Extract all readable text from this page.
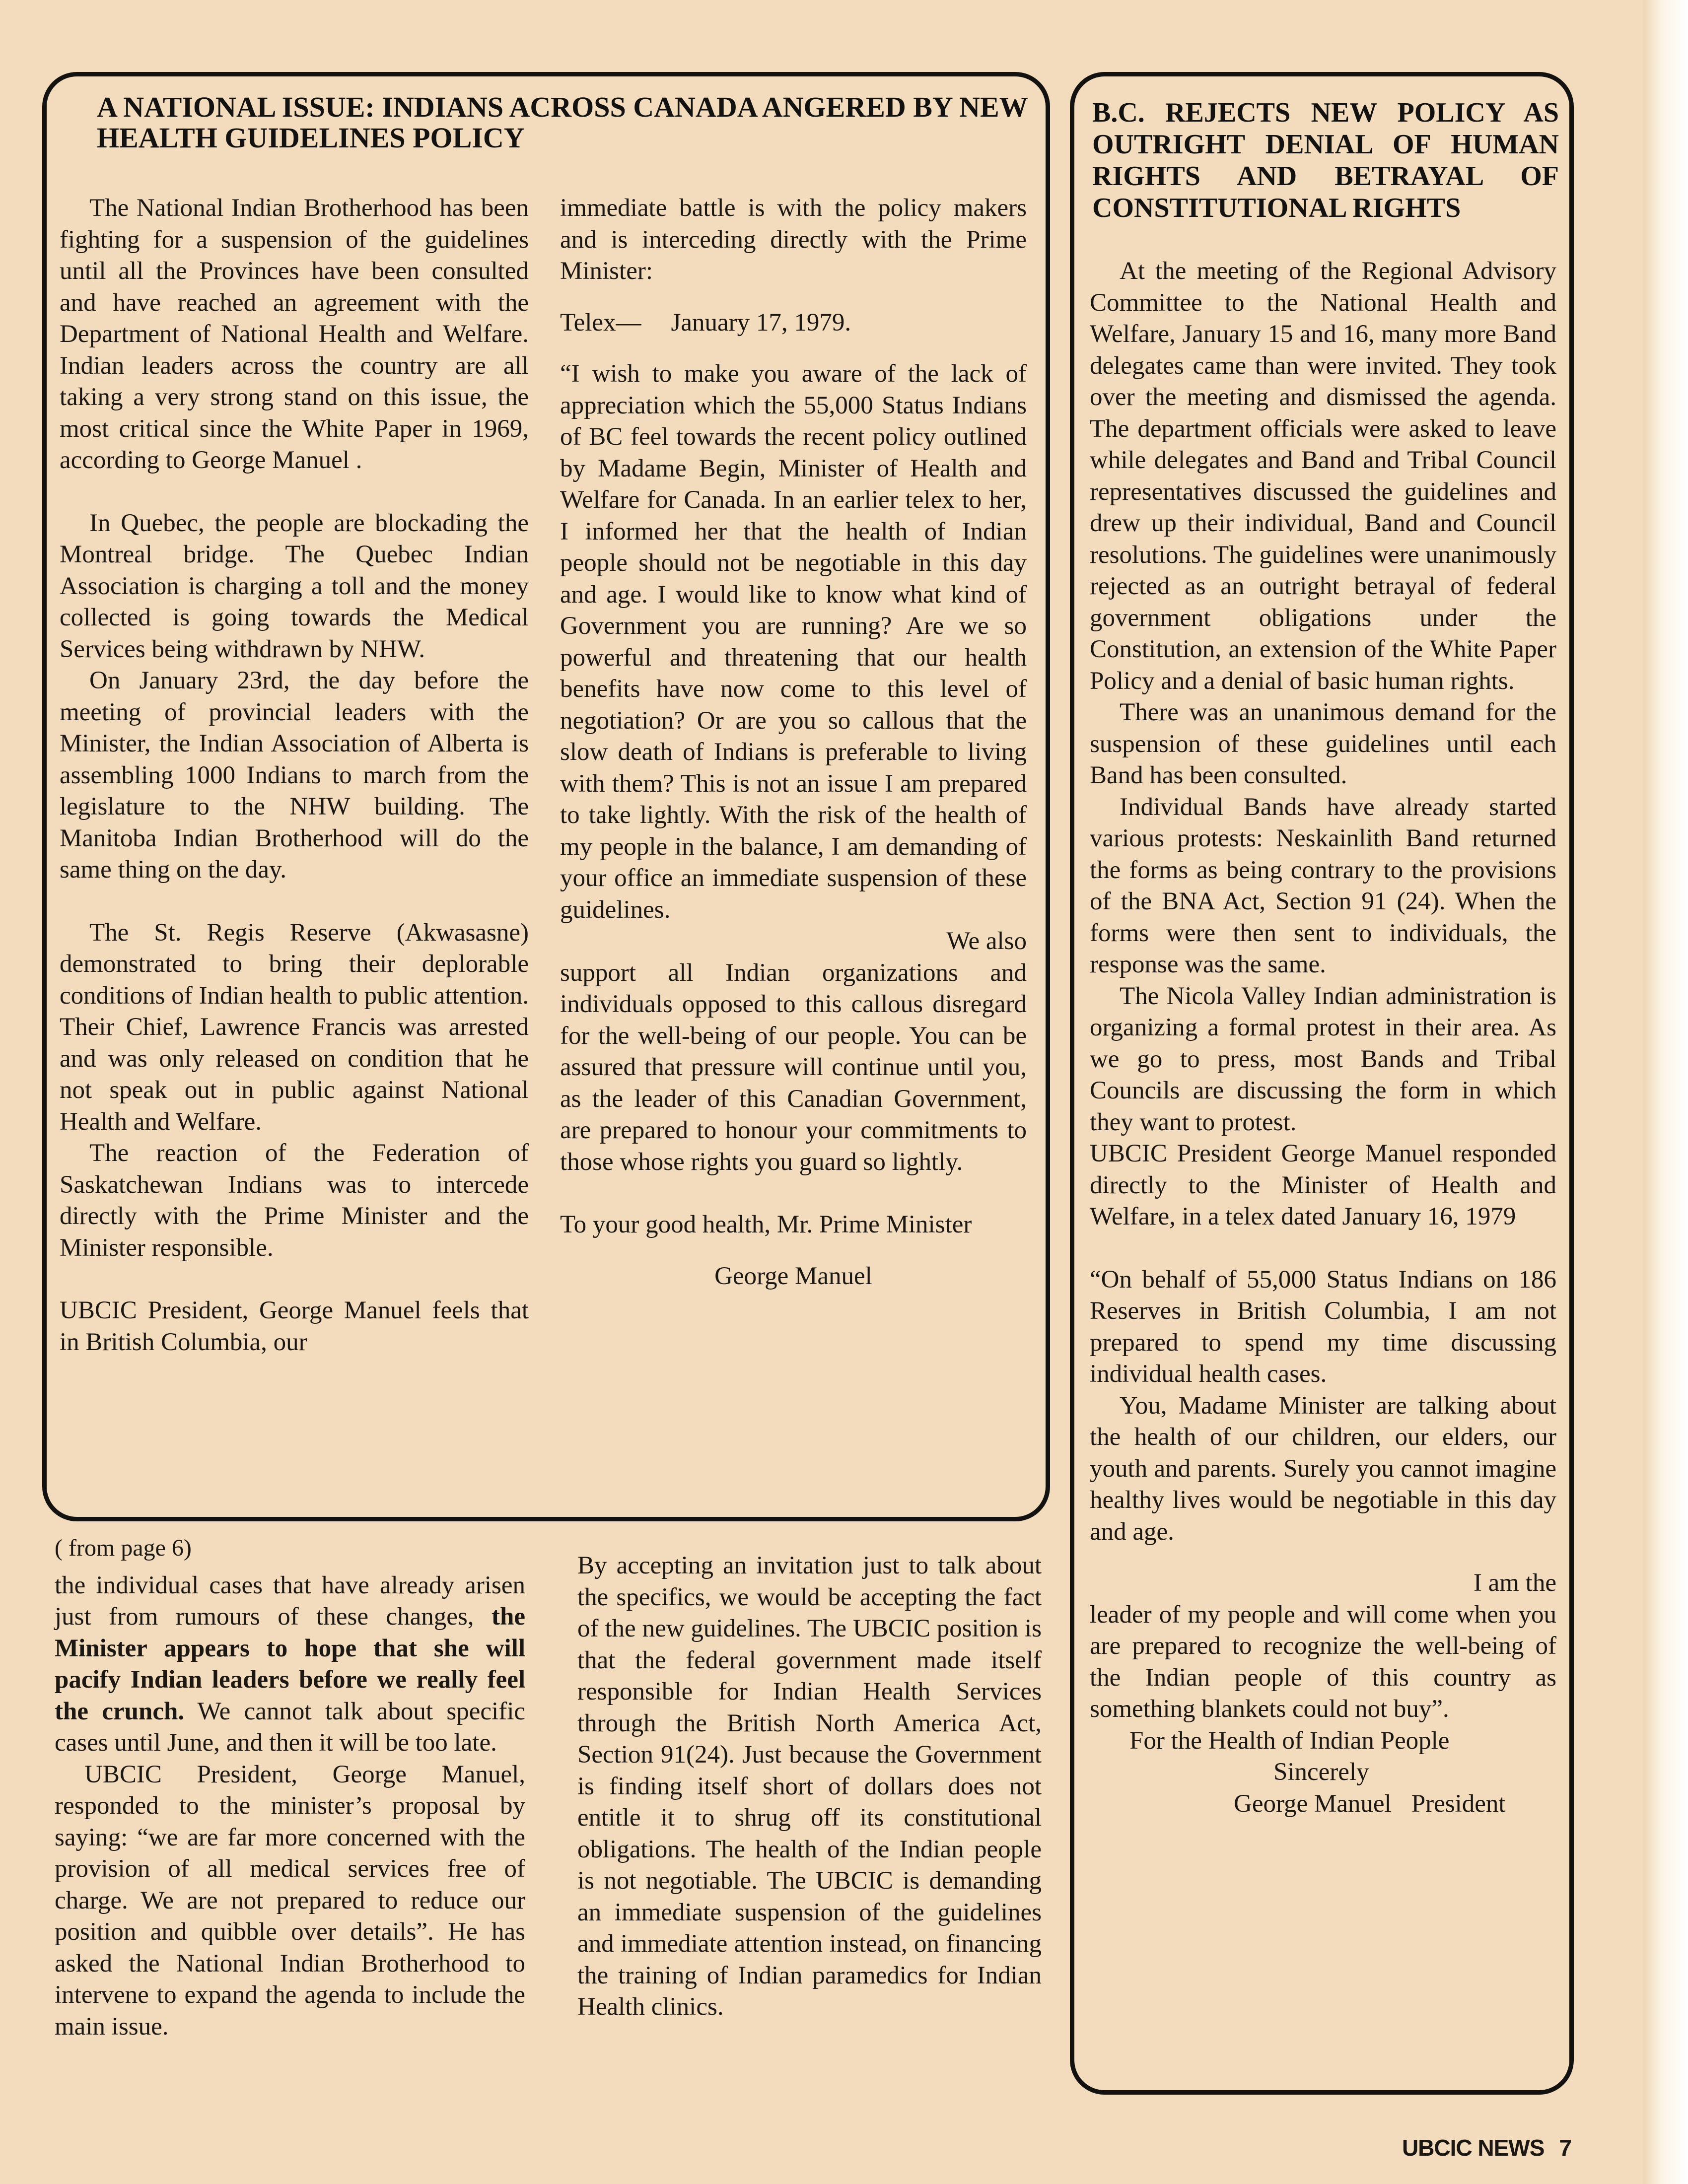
A NATIONAL ISSUE: INDIANS ACROSS CANADA ANGERED BY NEW HEALTH GUIDELINES POLICY

The National Indian Brotherhood has been fighting for a suspension of the guidelines until all the Provinces have been consulted and have reached an agreement with the Department of National Health and Welfare. Indian leaders across the country are all taking a very strong stand on this issue, the most critical since the White Paper in 1969, according to George Manuel .

In Quebec, the people are blockading the Montreal bridge. The Quebec Indian Association is charging a toll and the money collected is going towards the Medical Services being withdrawn by NHW.

On January 23rd, the day before the meeting of provincial leaders with the Minister, the Indian Association of Alberta is assembling 1000 Indians to march from the legislature to the NHW building. The Manitoba Indian Brotherhood will do the same thing on the day.

The St. Regis Reserve (Akwasasne) demonstrated to bring their deplorable conditions of Indian health to public attention. Their Chief, Lawrence Francis was arrested and was only released on condition that he not speak out in public against National Health and Welfare.

The reaction of the Federation of Saskatchewan Indians was to intercede directly with the Prime Minister and the Minister responsible.

UBCIC President, George Manuel feels that in British Columbia, our

immediate battle is with the policy makers and is interceding directly with the Prime Minister:

Telex— January 17, 1979.

“I wish to make you aware of the lack of appreciation which the 55,000 Status Indians of BC feel towards the recent policy outlined by Madame Begin, Minister of Health and Welfare for Canada. In an earlier telex to her, I informed her that the health of Indian people should not be negotiable in this day and age. I would like to know what kind of Government you are running? Are we so powerful and threatening that our health benefits have now come to this level of negotiation? Or are you so callous that the slow death of Indians is preferable to living with them? This is not an issue I am prepared to take lightly. With the risk of the health of my people in the balance, I am demanding of your office an immediate suspension of these guidelines.

We also

support all Indian organizations and individuals opposed to this callous disregard for the well-being of our people. You can be assured that pressure will continue until you, as the leader of this Canadian Government, are prepared to honour your commitments to those whose rights you guard so lightly.

To your good health, Mr. Prime Minister

George Manuel

B.C. REJECTS NEW POLICY AS OUTRIGHT DENIAL OF HUMAN RIGHTS AND BETRAYAL OF CONSTITUTIONAL RIGHTS

At the meeting of the Regional Advisory Committee to the National Health and Welfare, January 15 and 16, many more Band delegates came than were invited. They took over the meeting and dismissed the agenda. The department officials were asked to leave while delegates and Band and Tribal Council representatives discussed the guidelines and drew up their individual, Band and Council resolutions. The guidelines were unanimously rejected as an outright betrayal of federal government obligations under the Constitution, an extension of the White Paper Policy and a denial of basic human rights.

There was an unanimous demand for the suspension of these guidelines until each Band has been consulted.

Individual Bands have already started various protests: Neskainlith Band returned the forms as being contrary to the provisions of the BNA Act, Section 91 (24). When the forms were then sent to individuals, the response was the same.

The Nicola Valley Indian administration is organizing a formal protest in their area. As we go to press, most Bands and Tribal Councils are discussing the form in which they want to protest.

UBCIC President George Manuel responded directly to the Minister of Health and Welfare, in a telex dated January 16, 1979

“On behalf of 55,000 Status Indians on 186 Reserves in British Columbia, I am not prepared to spend my time discussing individual health cases.

You, Madame Minister are talking about the health of our children, our elders, our youth and parents. Surely you cannot imagine healthy lives would be negotiable in this day and age.

I am the

leader of my people and will come when you are prepared to recognize the well-being of the Indian people of this country as something blankets could not buy”.

For the Health of Indian People

Sincerely

George Manuel President

( from page 6)

the individual cases that have already arisen just from rumours of these changes, the Minister appears to hope that she will pacify Indian leaders before we really feel the crunch. We cannot talk about specific cases until June, and then it will be too late.

UBCIC President, George Manuel, responded to the minister’s proposal by saying: “we are far more concerned with the provision of all medical services free of charge. We are not prepared to reduce our position and quibble over details”. He has asked the National Indian Brotherhood to intervene to expand the agenda to include the main issue.

By accepting an invitation just to talk about the specifics, we would be accepting the fact of the new guidelines. The UBCIC position is that the federal government made itself responsible for Indian Health Services through the British North America Act, Section 91(24). Just because the Government is finding itself short of dollars does not entitle it to shrug off its constitutional obligations. The health of the Indian people is not negotiable. The UBCIC is demanding an immediate suspension of the guidelines and immediate attention instead, on financing the training of Indian paramedics for Indian Health clinics.

UBCIC NEWS 7
